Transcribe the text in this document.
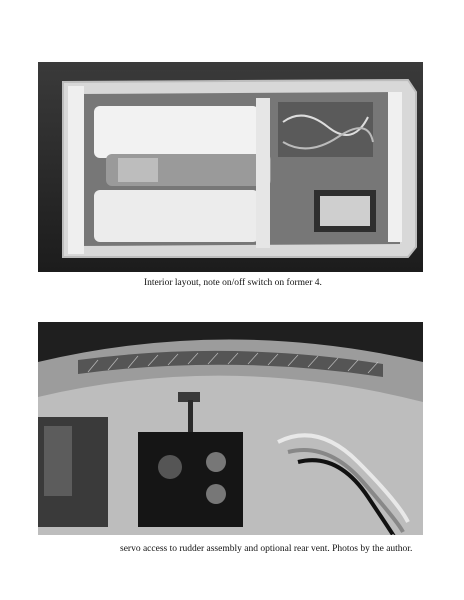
Interior layout, note on/off switch on former 4.
servo access to rudder assembly and optional rear vent. Photos by the author.
